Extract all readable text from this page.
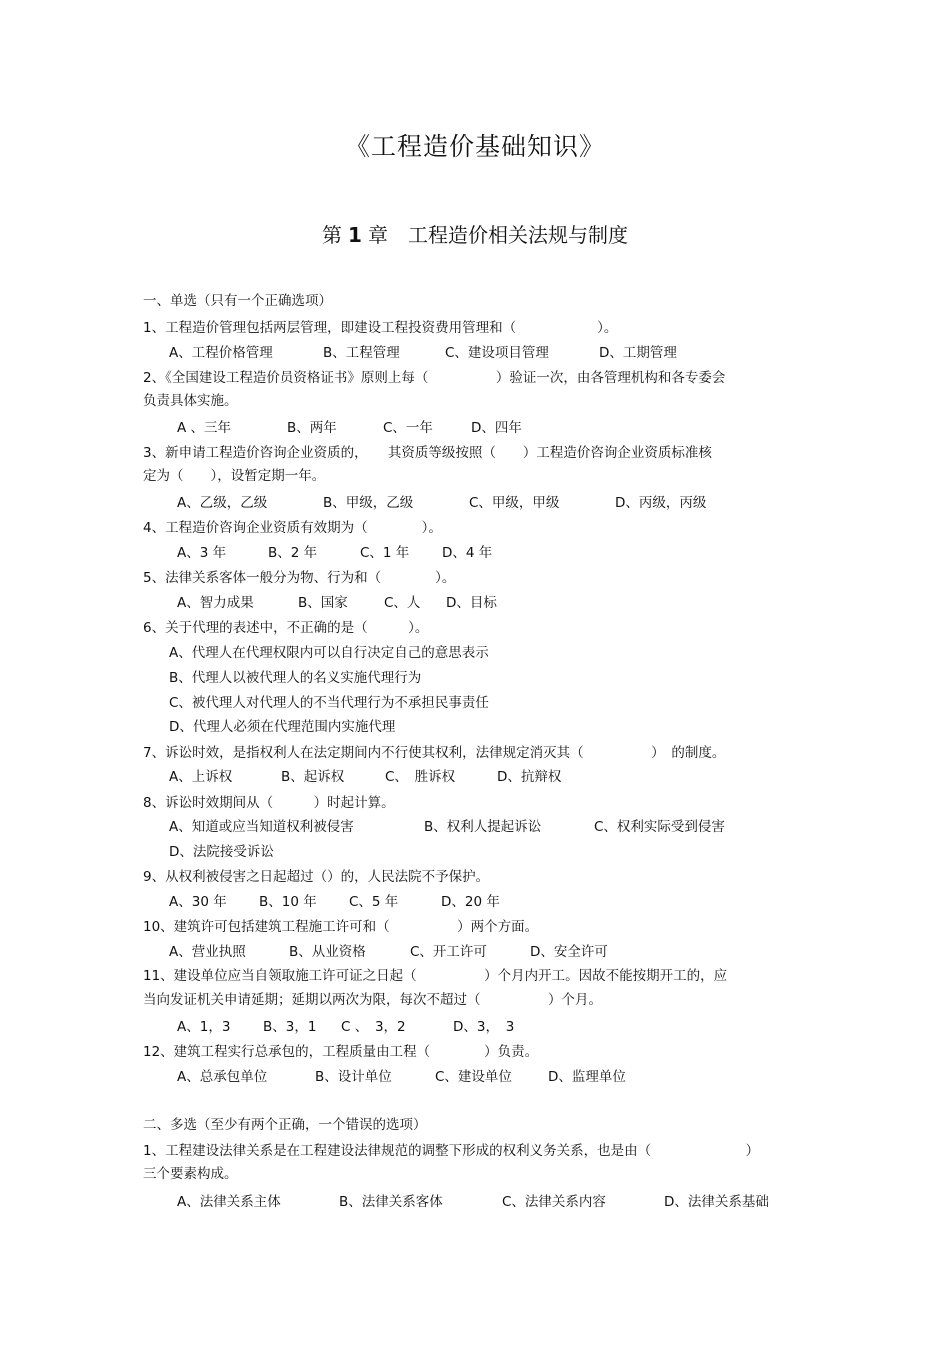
《工程造价基础知识》
第 1 章 工程造价相关法规与制度
一、单选（只有一个正确选项）
1、工程造价管理包括两层管理，即建设工程投资费用管理和（　　　　　　）。
A、工程价格管理	B、工程管理	C、建设项目管理	D、工期管理
2、《全国建设工程造价员资格证书》原则上每（　　　　　）验证一次，由各管理机构和各专委会
负责具体实施。
A 、三年	B、两年	C、一年	D、四年
3、新申请工程造价咨询企业资质的，　　其资质等级按照（　　）工程造价咨询企业资质标准核
定为（　　），设暂定期一年。
A、乙级，乙级	B、甲级，乙级	C、甲级，甲级	D、丙级，丙级
4、工程造价咨询企业资质有效期为（　　　　）。
A、3 年	B、2 年	C、1 年 D、4 年
5、法律关系客体一般分为物、行为和（　　　　）。
A、智力成果	B、国家	C、人 D、目标
6、关于代理的表述中，不正确的是（　　　）。
A、代理人在代理权限内可以自行决定自己的意思表示
B、代理人以被代理人的名义实施代理行为
C、被代理人对代理人的不当代理行为不承担民事责任
D、代理人必须在代理范围内实施代理
7、诉讼时效，是指权利人在法定期间内不行使其权利，法律规定消灭其（　　　　　）　的制度。
A、上诉权	B、起诉权	C、　胜诉权	D、抗辩权
8、诉讼时效期间从（　　　）时起计算。
A、知道或应当知道权利被侵害	B、权利人提起诉讼	C、权利实际受到侵害
D、法院接受诉讼
9、从权利被侵害之日起超过（）的，人民法院不予保护。
A、30 年 B、10 年 C、5 年	D、20 年
10、建筑许可包括建筑工程施工许可和（　　　　　）两个方面。
A、营业执照	B、从业资格	C、开工许可	D、安全许可
11、建设单位应当自领取施工许可证之日起（　　　　　）个月内开工。因故不能按期开工的，应
当向发证机关申请延期；延期以两次为限，每次不超过（　　　　　）个月。
A、1，3 B、3，1 C 、　3，2	D、3，　3
12、建筑工程实行总承包的，工程质量由工程（　　　　）负责。
A、总承包单位	B、设计单位	C、建设单位	D、监理单位
二、多选（至少有两个正确，一个错误的选项）
1、工程建设法律关系是在工程建设法律规范的调整下形成的权利义务关系，也是由（　　　　　　　）
三个要素构成。
A、法律关系主体	B、法律关系客体	C、法律关系内容	D、法律关系基础
